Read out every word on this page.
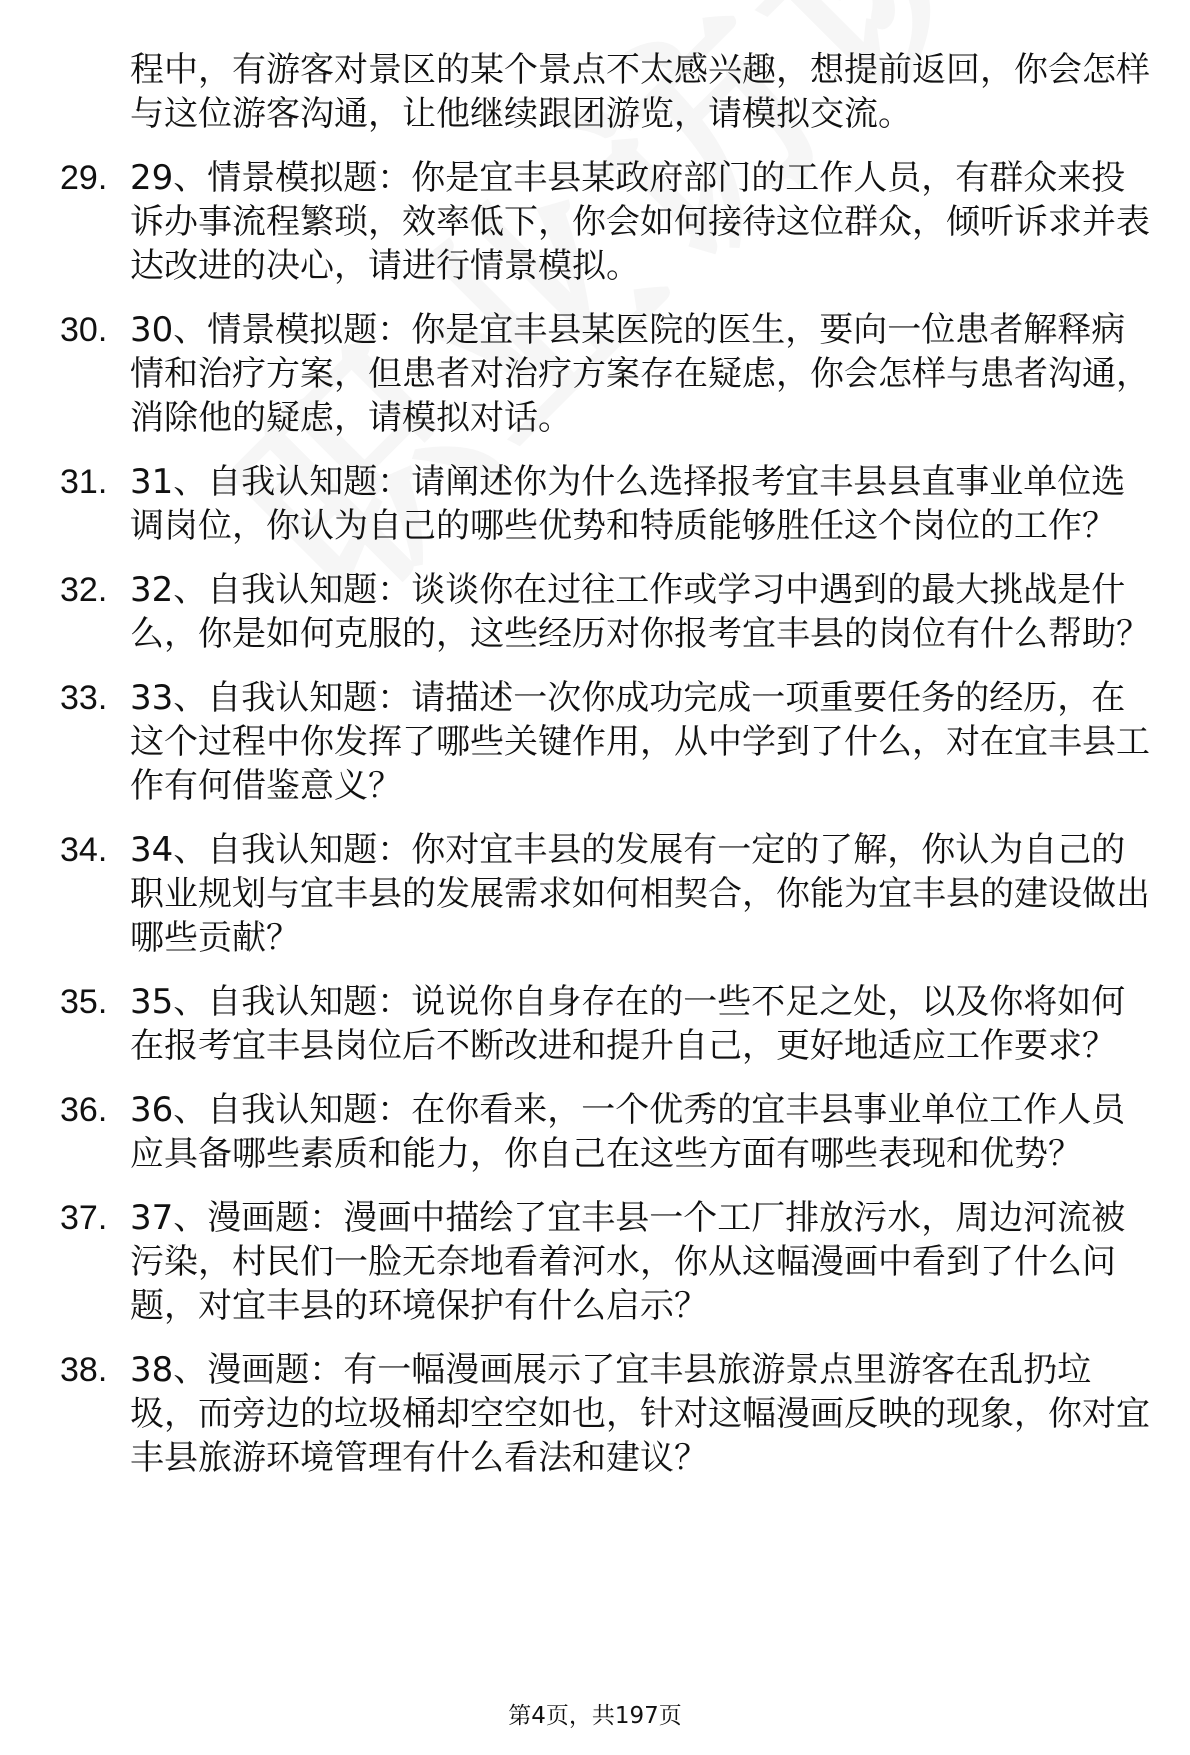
程中，有游客对景区的某个景点不太感兴趣，想提前返回，你会怎样与这位游客沟通，让他继续跟团游览，请模拟交流。
29. 29、情景模拟题：你是宜丰县某政府部门的工作人员，有群众来投诉办事流程繁琐，效率低下，你会如何接待这位群众，倾听诉求并表达改进的决心，请进行情景模拟。
30. 30、情景模拟题：你是宜丰县某医院的医生，要向一位患者解释病情和治疗方案，但患者对治疗方案存在疑虑，你会怎样与患者沟通，消除他的疑虑，请模拟对话。
31. 31、自我认知题：请阐述你为什么选择报考宜丰县县直事业单位选调岗位，你认为自己的哪些优势和特质能够胜任这个岗位的工作？
32. 32、自我认知题：谈谈你在过往工作或学习中遇到的最大挑战是什么，你是如何克服的，这些经历对你报考宜丰县的岗位有什么帮助？
33. 33、自我认知题：请描述一次你成功完成一项重要任务的经历，在这个过程中你发挥了哪些关键作用，从中学到了什么，对在宜丰县工作有何借鉴意义？
34. 34、自我认知题：你对宜丰县的发展有一定的了解，你认为自己的职业规划与宜丰县的发展需求如何相契合，你能为宜丰县的建设做出哪些贡献？
35. 35、自我认知题：说说你自身存在的一些不足之处，以及你将如何在报考宜丰县岗位后不断改进和提升自己，更好地适应工作要求？
36. 36、自我认知题：在你看来，一个优秀的宜丰县事业单位工作人员应具备哪些素质和能力，你自己在这些方面有哪些表现和优势？
37. 37、漫画题：漫画中描绘了宜丰县一个工厂排放污水，周边河流被污染，村民们一脸无奈地看着河水，你从这幅漫画中看到了什么问题，对宜丰县的环境保护有什么启示？
38. 38、漫画题：有一幅漫画展示了宜丰县旅游景点里游客在乱扔垃圾，而旁边的垃圾桶却空空如也，针对这幅漫画反映的现象，你对宜丰县旅游环境管理有什么看法和建议？
第4页，共197页
